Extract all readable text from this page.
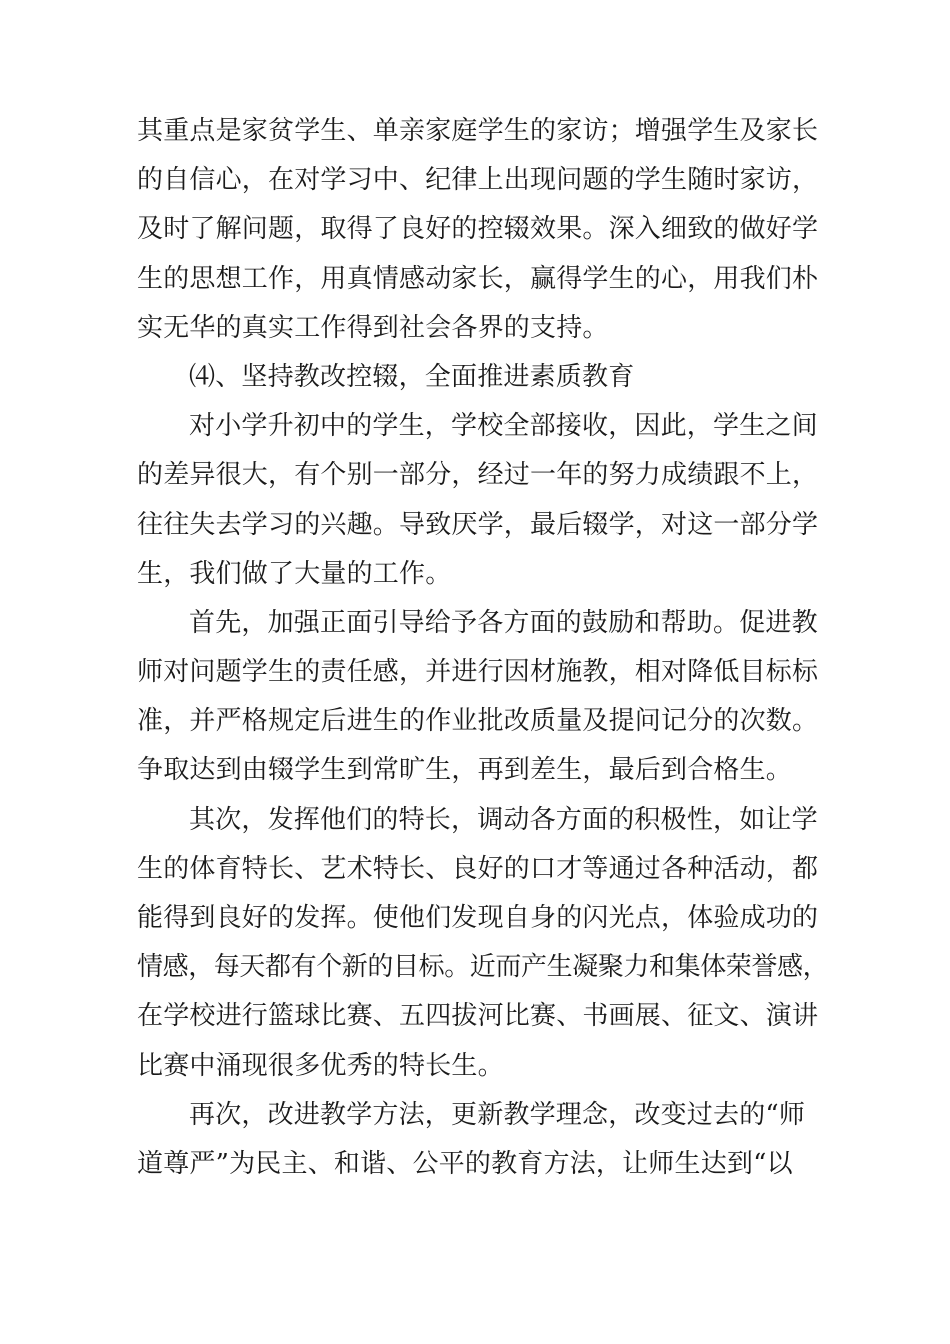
其重点是家贫学生、单亲家庭学生的家访；增强学生及家长
的自信心，在对学习中、纪律上出现问题的学生随时家访，
及时了解问题，取得了良好的控辍效果。深入细致的做好学
生的思想工作，用真情感动家长，赢得学生的心，用我们朴
实无华的真实工作得到社会各界的支持。
⑷、坚持教改控辍，全面推进素质教育
对小学升初中的学生，学校全部接收，因此，学生之间
的差异很大，有个别一部分，经过一年的努力成绩跟不上，
往往失去学习的兴趣。导致厌学，最后辍学，对这一部分学
生，我们做了大量的工作。
首先，加强正面引导给予各方面的鼓励和帮助。促进教
师对问题学生的责任感，并进行因材施教，相对降低目标标
准，并严格规定后进生的作业批改质量及提问记分的次数。
争取达到由辍学生到常旷生，再到差生，最后到合格生。
其次，发挥他们的特长，调动各方面的积极性，如让学
生的体育特长、艺术特长、良好的口才等通过各种活动，都
能得到良好的发挥。使他们发现自身的闪光点，体验成功的
情感，每天都有个新的目标。近而产生凝聚力和集体荣誉感，
在学校进行篮球比赛、五四拔河比赛、书画展、征文、演讲
比赛中涌现很多优秀的特长生。
再次，改进教学方法，更新教学理念，改变过去的“师
道尊严”为民主、和谐、公平的教育方法，让师生达到“以
